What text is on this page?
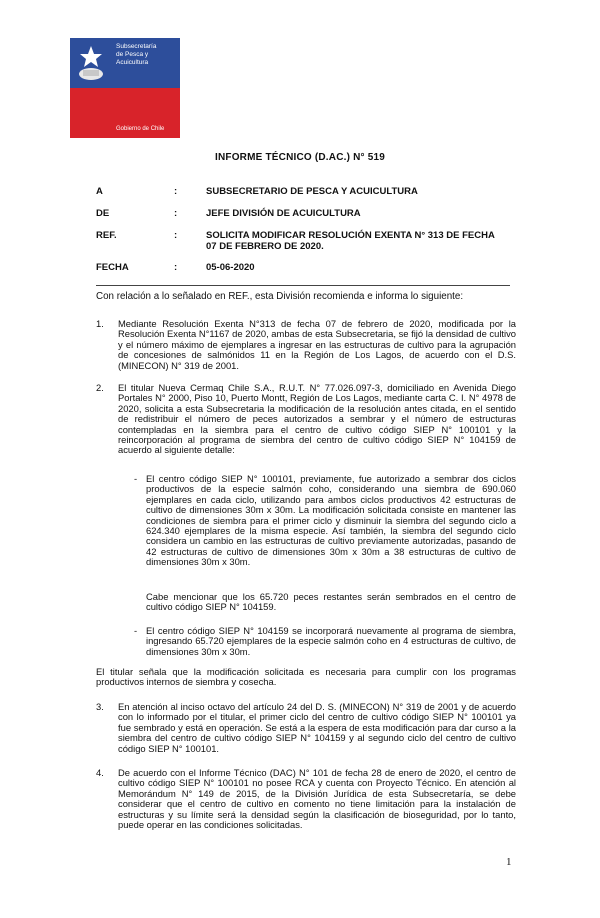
Subsecretaría
de Pesca y
Acuicultura
Gobierno de Chile
INFORME TÉCNICO (D.AC.) N° 519
A	:	SUBSECRETARIO DE PESCA Y ACUICULTURA
DE	:	JEFE DIVISIÓN DE ACUICULTURA
REF.	:	SOLICITA MODIFICAR RESOLUCIÓN EXENTA N° 313 DE FECHA 07 DE FEBRERO DE 2020.
FECHA	:	05-06-2020
Con relación a lo señalado en REF., esta División recomienda e informa lo siguiente:
1. Mediante Resolución Exenta N°313 de fecha 07 de febrero de 2020, modificada por la Resolución Exenta N°1167 de 2020, ambas de esta Subsecretaria, se fijó la densidad de cultivo y el número máximo de ejemplares a ingresar en las estructuras de cultivo para la agrupación de concesiones de salmónidos 11 en la Región de Los Lagos, de acuerdo con el D.S. (MINECON) N° 319 de 2001.
2. El titular Nueva Cermaq Chile S.A., R.U.T. N° 77.026.097-3, domiciliado en Avenida Diego Portales N° 2000, Piso 10, Puerto Montt, Región de Los Lagos, mediante carta C. I. N° 4978 de 2020, solicita a esta Subsecretaria la modificación de la resolución antes citada, en el sentido de redistribuir el número de peces autorizados a sembrar y el número de estructuras contempladas en la siembra para el centro de cultivo código SIEP N° 100101 y la reincorporación al programa de siembra del centro de cultivo código SIEP N° 104159 de acuerdo al siguiente detalle:
- El centro código SIEP N° 100101, previamente, fue autorizado a sembrar dos ciclos productivos de la especie salmón coho, considerando una siembra de 690.060 ejemplares en cada ciclo, utilizando para ambos ciclos productivos 42 estructuras de cultivo de dimensiones 30m x 30m. La modificación solicitada consiste en mantener las condiciones de siembra para el primer ciclo y disminuir la siembra del segundo ciclo a 624.340 ejemplares de la misma especie. Así también, la siembra del segundo ciclo considera un cambio en las estructuras de cultivo previamente autorizadas, pasando de 42 estructuras de cultivo de dimensiones 30m x 30m a 38 estructuras de cultivo de dimensiones 30m x 30m.
Cabe mencionar que los 65.720 peces restantes serán sembrados en el centro de cultivo código SIEP N° 104159.
- El centro código SIEP N° 104159 se incorporará nuevamente al programa de siembra, ingresando 65.720 ejemplares de la especie salmón coho en 4 estructuras de cultivo, de dimensiones 30m x 30m.
El titular señala que la modificación solicitada es necesaria para cumplir con los programas productivos internos de siembra y cosecha.
3. En atención al inciso octavo del artículo 24 del D. S. (MINECON) N° 319 de 2001 y de acuerdo con lo informado por el titular, el primer ciclo del centro de cultivo código SIEP N° 100101 ya fue sembrado y está en operación. Se está a la espera de esta modificación para dar curso a la siembra del centro de cultivo código SIEP N° 104159 y al segundo ciclo del centro de cultivo código SIEP N° 100101.
4. De acuerdo con el Informe Técnico (DAC) N° 101 de fecha 28 de enero de 2020, el centro de cultivo código SIEP N° 100101 no posee RCA y cuenta con Proyecto Técnico. En atención al Memorándum N° 149 de 2015, de la División Jurídica de esta Subsecretaría, se debe considerar que el centro de cultivo en comento no tiene limitación para la instalación de estructuras y su límite será la densidad según la clasificación de bioseguridad, por lo tanto, puede operar en las condiciones solicitadas.
1
